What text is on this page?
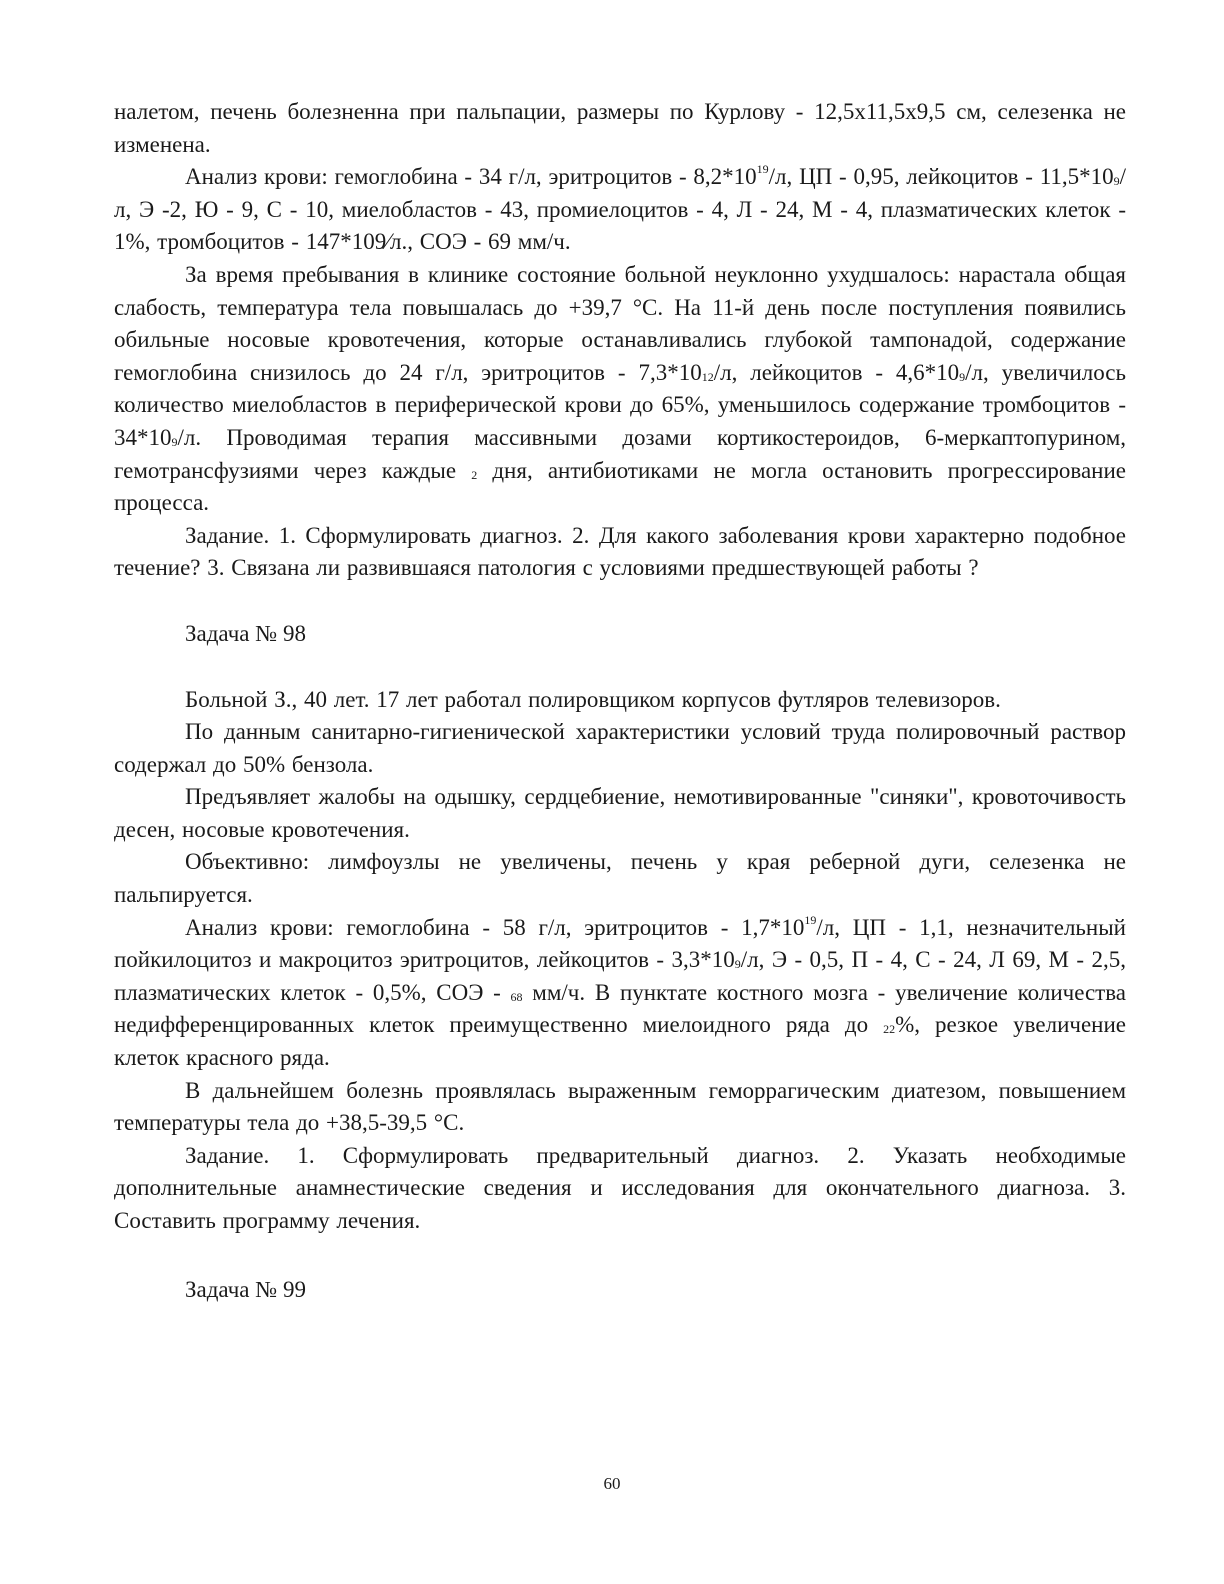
налетом, печень болезненна при пальпации, размеры по Курлову - 12,5x11,5x9,5 см, селезенка не изменена.

Анализ крови: гемоглобина - 34 г/л, эритроцитов - $8,2*10^{19}/л$, ЦП - 0,95, лейкоцитов - 11,5*109/л, Э -2, Ю - 9, С - 10, миелобластов - 43, промиелоцитов - 4, Л - 24, М - 4, плазматических клеток - 1%, тромбоцитов - 147*109⁄л., СОЭ - 69 мм/ч.

За время пребывания в клинике состояние больной неуклонно ухудшалось: нарастала общая слабость, температура тела повышалась до +39,7 °С. На 11-й день после поступления появились обильные носовые кровотечения, которые останавливались глубокой тампонадой, содержание гемоглобина снизилось до 24 г/л, эритроцитов - 7,3*1012/л, лейкоцитов - 4,6*109/л, увеличилось количество миелобластов в периферической крови до 65%, уменьшилось содержание тромбоцитов - 34*109/л. Проводимая терапия массивными дозами кортикостероидов, 6-меркаптопурином, гемотрансфузиями через каждые 2 дня, антибиотиками не могла остановить прогрессирование процесса.

Задание. 1. Сформулировать диагноз. 2. Для какого заболевания крови характерно подобное течение? 3. Связана ли развившаяся патология с условиями предшествующей работы ?

Задача № 98

Больной З., 40 лет. 17 лет работал полировщиком корпусов футляров телевизоров.

По данным санитарно-гигиенической характеристики условий труда полировочный раствор содержал до 50% бензола.

Предъявляет жалобы на одышку, сердцебиение, немотивированные "синяки", кровоточивость десен, носовые кровотечения.

Объективно: лимфоузлы не увеличены, печень у края реберной дуги, селезенка не пальпируется.

Анализ крови: гемоглобина - 58 г/л, эритроцитов - $1,7*10^{19}/л$, ЦП - 1,1, незначительный пойкилоцитоз и макроцитоз эритроцитов, лейкоцитов - 3,3*109/л, Э - 0,5, П - 4, С - 24, Л 69, М - 2,5, плазматических клеток - 0,5%, СОЭ - 68 мм/ч. В пунктате костного мозга - увеличение количества недифференцированных клеток преимущественно миелоидного ряда до 22%, резкое увеличение клеток красного ряда.

В дальнейшем болезнь проявлялась выраженным геморрагическим диатезом, повышением температуры тела до +38,5-39,5 °С.

Задание. 1. Сформулировать предварительный диагноз. 2. Указать необходимые дополнительные анамнестические сведения и исследования для окончательного диагноза. 3. Составить программу лечения.

Задача № 99

60
